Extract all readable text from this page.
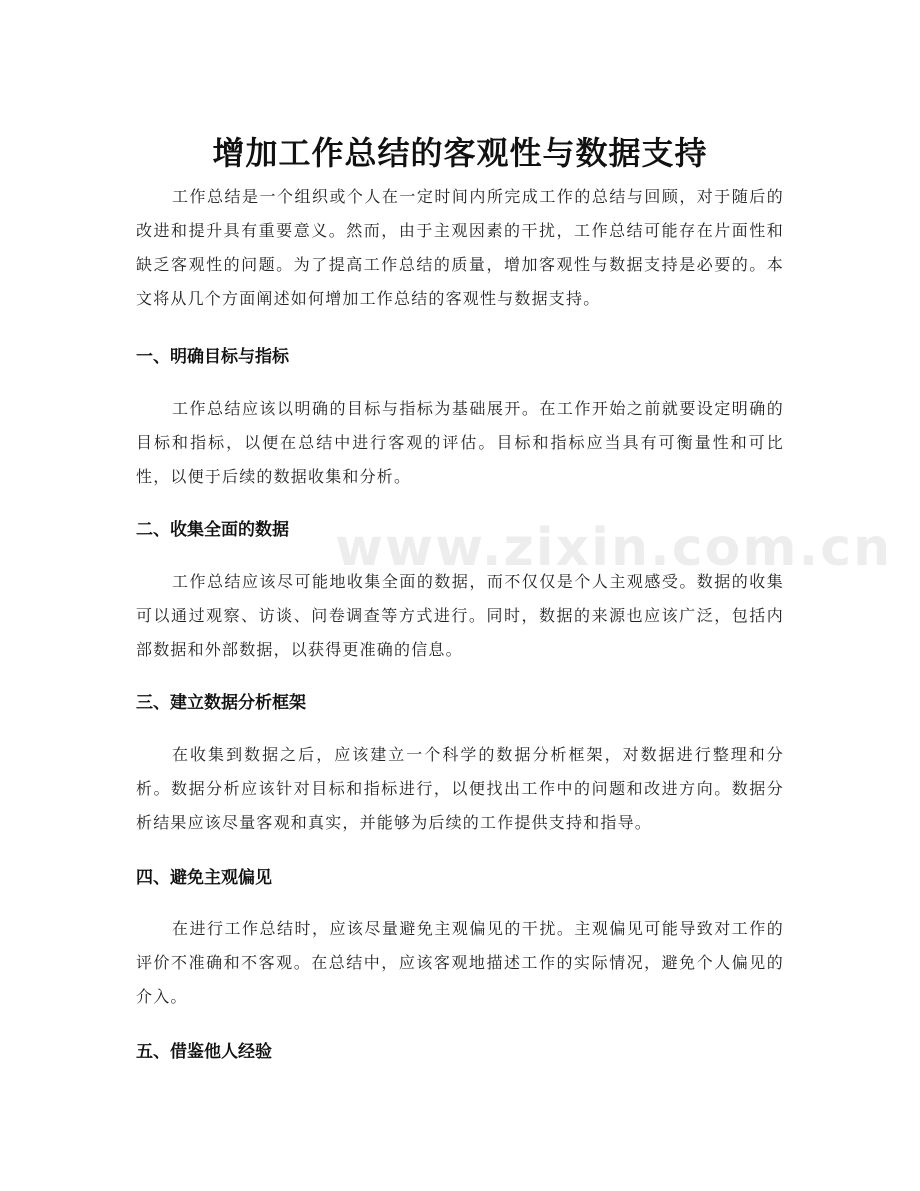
www.zixin.com.cn
增加工作总结的客观性与数据支持

工作总结是一个组织或个人在一定时间内所完成工作的总结与回顾，对于随后的改进和提升具有重要意义。然而，由于主观因素的干扰，工作总结可能存在片面性和缺乏客观性的问题。为了提高工作总结的质量，增加客观性与数据支持是必要的。本文将从几个方面阐述如何增加工作总结的客观性与数据支持。

一、明确目标与指标

工作总结应该以明确的目标与指标为基础展开。在工作开始之前就要设定明确的目标和指标，以便在总结中进行客观的评估。目标和指标应当具有可衡量性和可比性，以便于后续的数据收集和分析。

二、收集全面的数据

工作总结应该尽可能地收集全面的数据，而不仅仅是个人主观感受。数据的收集可以通过观察、访谈、问卷调查等方式进行。同时，数据的来源也应该广泛，包括内部数据和外部数据，以获得更准确的信息。

三、建立数据分析框架

在收集到数据之后，应该建立一个科学的数据分析框架，对数据进行整理和分析。数据分析应该针对目标和指标进行，以便找出工作中的问题和改进方向。数据分析结果应该尽量客观和真实，并能够为后续的工作提供支持和指导。

四、避免主观偏见

在进行工作总结时，应该尽量避免主观偏见的干扰。主观偏见可能导致对工作的评价不准确和不客观。在总结中，应该客观地描述工作的实际情况，避免个人偏见的介入。

五、借鉴他人经验
